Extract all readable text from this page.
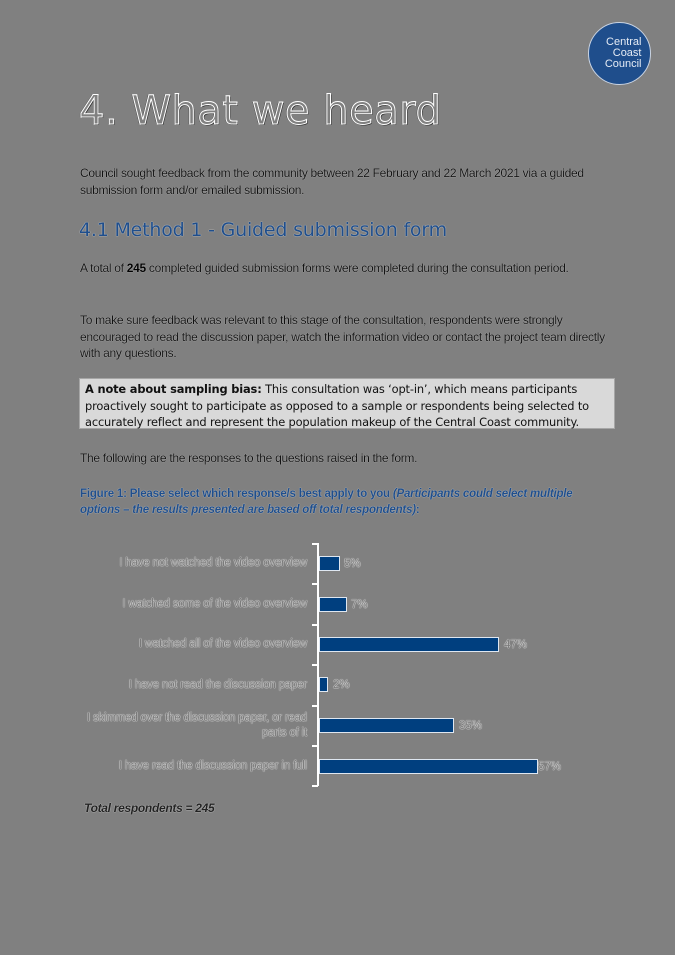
Central
Coast
Council
4. What we heard
Council sought feedback from the community between 22 February and 22 March 2021 via a guided submission form and/or emailed submission.
4.1 Method 1 - Guided submission form
A total of 245 completed guided submission forms were completed during the consultation period.
To make sure feedback was relevant to this stage of the consultation, respondents were strongly encouraged to read the discussion paper, watch the information video or contact the project team directly with any questions.
A note about sampling bias: This consultation was ‘opt-in’, which means participants proactively sought to participate as opposed to a sample or respondents being selected to accurately reflect and represent the population makeup of the Central Coast community.
The following are the responses to the questions raised in the form.
Figure 1: Please select which response/s best apply to you (Participants could select multiple options – the results presented are based off total respondents):
I have not watched the video overview	5%
I watched some of the video overview	7%
I watched all of the video overview	47%
I have not read the discussion paper 2%
I skimmed over the discussion paper, or read parts of it
35%
I have read the discussion paper in full	57%
Total respondents = 245
